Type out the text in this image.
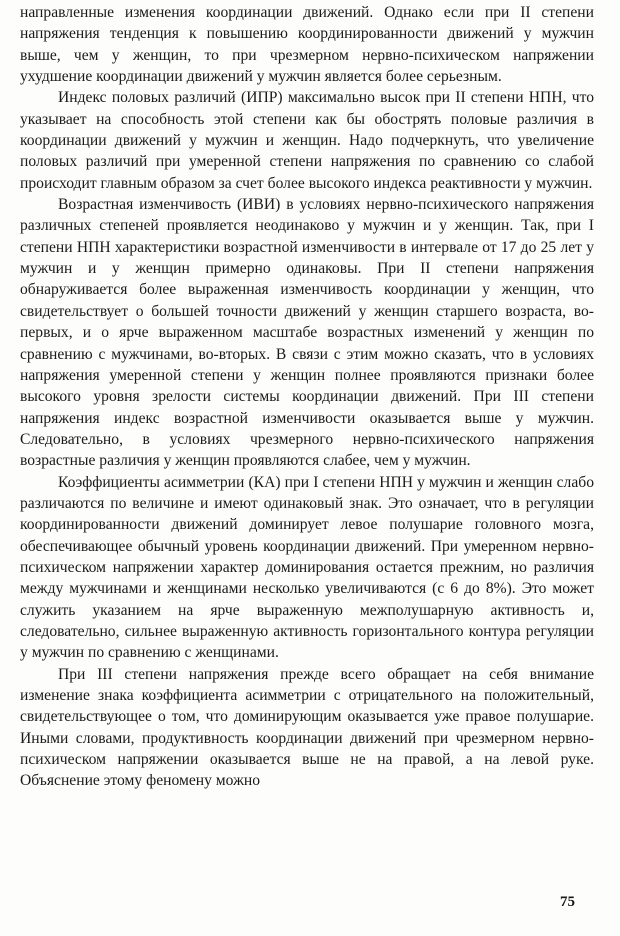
направленные изменения координации движений. Однако если при II степени напряжения тенденция к повышению координированности движений у мужчин выше, чем у женщин, то при чрезмерном нервно-психическом напряжении ухудшение координации движений у мужчин является более серьезным.

Индекс половых различий (ИПР) максимально высок при II степени НПН, что указывает на способность этой степени как бы обострять половые различия в координации движений у мужчин и женщин. Надо подчеркнуть, что увеличение половых различий при умеренной степени напряжения по сравнению со слабой происходит главным образом за счет более высокого индекса реактивности у мужчин.

Возрастная изменчивость (ИВИ) в условиях нервно-психического напряжения различных степеней проявляется неодинаково у мужчин и у женщин. Так, при I степени НПН характеристики возрастной изменчивости в интервале от 17 до 25 лет у мужчин и у женщин примерно одинаковы. При II степени напряжения обнаруживается более выраженная изменчивость координации у женщин, что свидетельствует о большей точности движений у женщин старшего возраста, во-первых, и о ярче выраженном масштабе возрастных изменений у женщин по сравнению с мужчинами, во-вторых. В связи с этим можно сказать, что в условиях напряжения умеренной степени у женщин полнее проявляются признаки более высокого уровня зрелости системы координации движений. При III степени напряжения индекс возрастной изменчивости оказывается выше у мужчин. Следовательно, в условиях чрезмерного нервно-психического напряжения возрастные различия у женщин проявляются слабее, чем у мужчин.

Коэффициенты асимметрии (КА) при I степени НПН у мужчин и женщин слабо различаются по величине и имеют одинаковый знак. Это означает, что в регуляции координированности движений доминирует левое полушарие головного мозга, обеспечивающее обычный уровень координации движений. При умеренном нервно-психическом напряжении характер доминирования остается прежним, но различия между мужчинами и женщинами несколько увеличиваются (с 6 до 8%). Это может служить указанием на ярче выраженную межполушарную активность и, следовательно, сильнее выраженную активность горизонтального контура регуляции у мужчин по сравнению с женщинами.

При III степени напряжения прежде всего обращает на себя внимание изменение знака коэффициента асимметрии с отрицательного на положительный, свидетельствующее о том, что доминирующим оказывается уже правое полушарие. Иными словами, продуктивность координации движений при чрезмерном нервно-психическом напряжении оказывается выше не на правой, а на левой руке. Объяснение этому феномену можно

75
